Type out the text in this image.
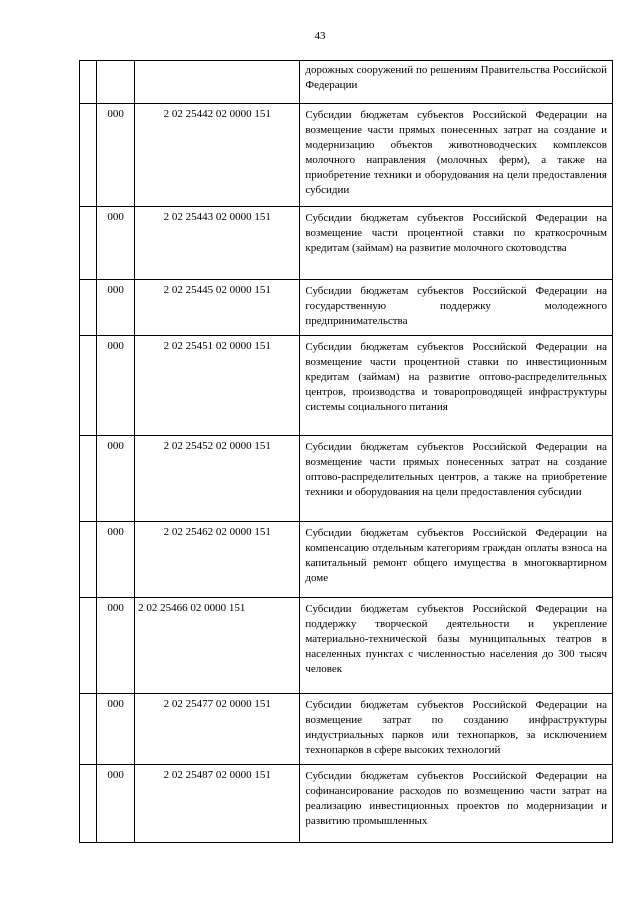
43
			дорожных сооружений по решениям Правительства Российской Федерации
	000	2 02 25442 02 0000 151	Субсидии бюджетам субъектов Российской Федерации на возмещение части прямых понесенных затрат на создание и модернизацию объектов животноводческих комплексов молочного направления (молочных ферм), а также на приобретение техники и оборудования на цели предоставления субсидии
	000	2 02 25443 02 0000 151	Субсидии бюджетам субъектов Российской Федерации на возмещение части процентной ставки по краткосрочным кредитам (займам) на развитие молочного скотоводства
	000	2 02 25445 02 0000 151	Субсидии бюджетам субъектов Российской Федерации на государственную поддержку молодежного предпринимательства
	000	2 02 25451 02 0000 151	Субсидии бюджетам субъектов Российской Федерации на возмещение части процентной ставки по инвестиционным кредитам (займам) на развитие оптово-распределительных центров, производства и товаропроводящей инфраструктуры системы социального питания
	000	2 02 25452 02 0000 151	Субсидии бюджетам субъектов Российской Федерации на возмещение части прямых понесенных затрат на создание оптово-распределительных центров, а также на приобретение техники и оборудования на цели предоставления субсидии
	000	2 02 25462 02 0000 151	Субсидии бюджетам субъектов Российской Федерации на компенсацию отдельным категориям граждан оплаты взноса на капитальный ремонт общего имущества в многоквартирном доме
	000	2 02 25466 02 0000 151	Субсидии бюджетам субъектов Российской Федерации на поддержку творческой деятельности и укрепление материально-технической базы муниципальных театров в населенных пунктах с численностью населения до 300 тысяч человек
	000	2 02 25477 02 0000 151	Субсидии бюджетам субъектов Российской Федерации на возмещение затрат по созданию инфраструктуры индустриальных парков или технопарков, за исключением технопарков в сфере высоких технологий
	000	2 02 25487 02 0000 151	Субсидии бюджетам субъектов Российской Федерации на софинансирование расходов по возмещению части затрат на реализацию инвестиционных проектов по модернизации и развитию промышленных
